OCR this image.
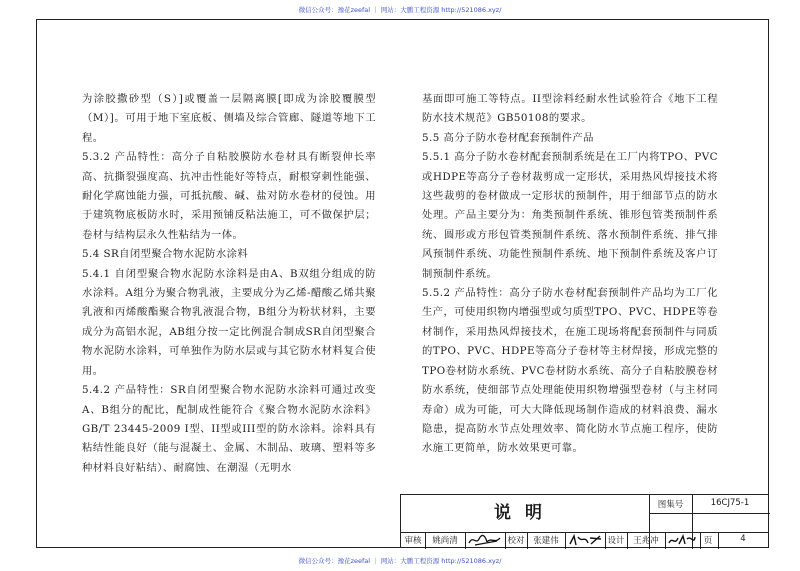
微信公众号：豫花zeefal ｜ 网站：大鹏工程资源 http://521086.xyz/

为涂胶撒砂型（S）]或覆盖一层隔离膜[即成为涂胶覆膜型（M）]。可用于地下室底板、侧墙及综合管廊、隧道等地下工程。

5.3.2 产品特性：高分子自粘胶膜防水卷材具有断裂伸长率高、抗撕裂强度高、抗冲击性能好等特点，耐根穿刺性能强、耐化学腐蚀能力强，可抵抗酸、碱、盐对防水卷材的侵蚀。用于建筑物底板防水时，采用预铺反粘法施工，可不做保护层；卷材与结构层永久性粘结为一体。

5.4 SR自闭型聚合物水泥防水涂料

5.4.1 自闭型聚合物水泥防水涂料是由A、B双组分组成的防水涂料。A组分为聚合物乳液，主要成分为乙烯-醋酸乙烯共聚乳液和丙烯酸酯聚合物乳液混合物，B组分为粉状材料，主要成分为高铝水泥，AB组分按一定比例混合制成SR自闭型聚合物水泥防水涂料，可单独作为防水层或与其它防水材料复合使用。

5.4.2 产品特性：SR自闭型聚合物水泥防水涂料可通过改变A、B组分的配比，配制成性能符合《聚合物水泥防水涂料》GB/T 23445-2009 I型、II型或III型的防水涂料。涂料具有粘结性能良好（能与混凝土、金属、木制品、玻璃、塑料等多种材料良好粘结）、耐腐蚀、在潮湿（无明水

基面即可施工等特点。II型涂料经耐水性试验符合《地下工程防水技术规范》GB50108的要求。

5.5 高分子防水卷材配套预制件产品

5.5.1 高分子防水卷材配套预制系统是在工厂内将TPO、PVC或HDPE等高分子卷材裁剪成一定形状，采用热风焊接技术将这些裁剪的卷材做成一定形状的预制件，用于细部节点的防水处理。产品主要分为：角类预制件系统、锥形包管类预制件系统、圆形或方形包管类预制件系统、落水预制件系统、排气排风预制件系统、功能性预制件系统、地下预制件系统及客户订制预制件系统。

5.5.2 产品特性：高分子防水卷材配套预制件产品均为工厂化生产，可使用织物内增强型或匀质型TPO、PVC、HDPE等卷材制作，采用热风焊接技术，在施工现场将配套预制件与同质的TPO、PVC、HDPE等高分子卷材等主材焊接，形成完整的TPO卷材防水系统、PVC卷材防水系统、高分子自粘胶膜卷材防水系统，使细部节点处理能使用织物增强型卷材（与主材同寿命）成为可能，可大大降低现场制作造成的材料浪费、漏水隐患，提高防水节点处理效率、简化防水节点施工程序，使防水施工更简单，防水效果更可靠。

说明	图集号	16CJ75-1
审核	姚尚清	校对	张建伟	设计	王兆冲	页	4
微信公众号：豫花zeefal ｜ 网站：大鹏工程资源 http://521086.xyz/
